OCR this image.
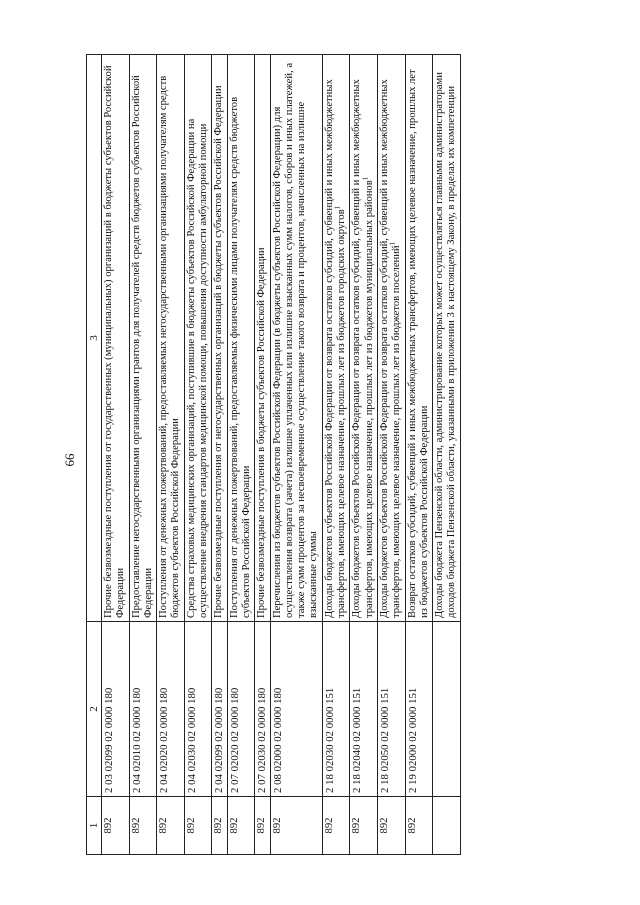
66
1	2	3
892	2 03 02099 02 0000 180	Прочие безвозмездные поступления от государственных (муниципальных) организаций в бюджеты субъектов Российской Федерации
892	2 04 02010 02 0000 180	Предоставление негосударственными организациями грантов для получателей средств бюджетов субъектов Российской Федерации
892	2 04 02020 02 0000 180	Поступления от денежных пожертвований, предоставляемых негосударственными организациями получателям средств бюджетов субъектов Российской Федерации
892	2 04 02030 02 0000 180	Средства страховых медицинских организаций, поступившие в бюджеты субъектов Российской Федерации на осуществление внедрения стандартов медицинской помощи, повышения доступности амбулаторной помощи
892	2 04 02099 02 0000 180	Прочие безвозмездные поступления от негосударственных организаций в бюджеты субъектов Российской Федерации
892	2 07 02020 02 0000 180	Поступления от денежных пожертвований, предоставляемых физическими лицами получателям средств бюджетов субъектов Российской Федерации
892	2 07 02030 02 0000 180	Прочие безвозмездные поступления в бюджеты субъектов Российской Федерации
892	2 08 02000 02 0000 180	Перечисления из бюджетов субъектов Российской Федерации (в бюджеты субъектов Российской Федерации) для осуществления возврата (зачета) излишне уплаченных или излишне взысканных сумм налогов, сборов и иных платежей, а также сумм процентов за несвоевременное осуществление такого возврата и процентов, начисленных на излишне взысканные суммы
892	2 18 02030 02 0000 151	Доходы бюджетов субъектов Российской Федерации от возврата остатков субсидий, субвенций и иных межбюджетных трансфертов, имеющих целевое назначение, прошлых лет из бюджетов городских округов$^1$
892	2 18 02040 02 0000 151	Доходы бюджетов субъектов Российской Федерации от возврата остатков субсидий, субвенций и иных межбюджетных трансфертов, имеющих целевое назначение, прошлых лет из бюджетов муниципальных районов$^1$
892	2 18 02050 02 0000 151	Доходы бюджетов субъектов Российской Федерации от возврата остатков субсидий, субвенций и иных межбюджетных трансфертов, имеющих целевое назначение, прошлых лет из бюджетов поселений$^1$
892	2 19 02000 02 0000 151	Возврат остатков субсидий, субвенций и иных межбюджетных трансфертов, имеющих целевое назначение, прошлых лет из бюджетов субъектов Российской Федерации
		Доходы бюджета Пензенской области, администрирование которых может осуществляться главными администраторами доходов бюджета Пензенской области, указанными в приложении 3 к настоящему Закону, в пределах их компетенции
